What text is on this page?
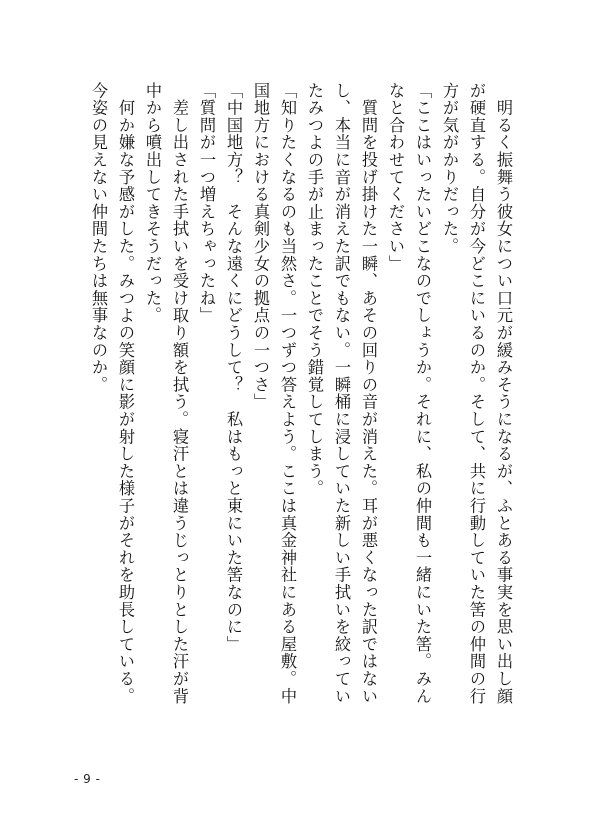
　明るく振舞う彼女につい口元が緩みそうになるが、ふとある事実を思い出し顔が硬直する。自分が今どこにいるのか。そして、共に行動していた筈の仲間の行方が気がかりだった。

「ここはいったいどこなのでしょうか。それに、私の仲間も一緒にいた筈。みんなと合わせてください」

　質問を投げ掛けた一瞬、あその回りの音が消えた。耳が悪くなった訳ではないし、本当に音が消えた訳でもない。一瞬桶に浸していた新しい手拭いを絞っていたみつよの手が止まったことでそう錯覚してしまう。

「知りたくなるのも当然さ。一つずつ答えよう。ここは真金神社にある屋敷。中国地方における真剣少女の拠点の一つさ」

「中国地方？　そんな遠くにどうして？　私はもっと東にいた筈なのに」

「質問が一つ増えちゃったね」

　差し出された手拭いを受け取り額を拭う。寝汗とは違うじっとりとした汗が背中から噴出してきそうだった。

　何か嫌な予感がした。みつよの笑顔に影が射した様子がそれを助長している。今姿の見えない仲間たちは無事なのか。

- 9 -
